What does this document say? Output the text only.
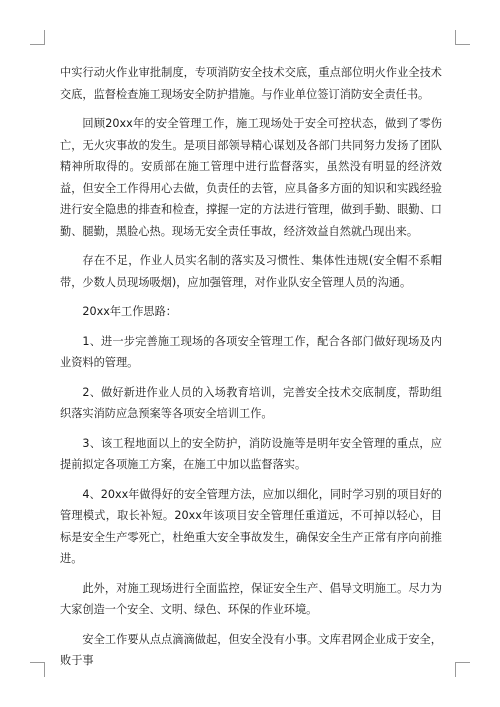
中实行动火作业审批制度，专项消防安全技术交底，重点部位明火作业全技术交底，监督检查施工现场安全防护措施。与作业单位签订消防安全责任书。

回顾20xx年的安全管理工作，施工现场处于安全可控状态，做到了零伤亡，无火灾事故的发生。是项目部领导精心谋划及各部门共同努力发扬了团队精神所取得的。安质部在施工管理中进行监督落实，虽然没有明显的经济效益，但安全工作得用心去做，负责任的去管，应具备多方面的知识和实践经验进行安全隐患的排查和检查，撑握一定的方法进行管理，做到手勤、眼勤、口勤、腿勤，黑脸心热。现场无安全责任事故，经济效益自然就凸现出来。

存在不足，作业人员实名制的落实及习惯性、集体性违规(安全帽不系帽带，少数人员现场吸烟)，应加强管理，对作业队安全管理人员的沟通。

20xx年工作思路：

1、进一步完善施工现场的各项安全管理工作，配合各部门做好现场及内业资料的管理。

2、做好新进作业人员的入场教育培训，完善安全技术交底制度，帮助组织落实消防应急预案等各项安全培训工作。

3、该工程地面以上的安全防护，消防设施等是明年安全管理的重点，应提前拟定各项施工方案，在施工中加以监督落实。

4、20xx年做得好的安全管理方法，应加以细化，同时学习别的项目好的管理模式，取长补短。20xx年该项目安全管理任重道远，不可掉以轻心，目标是安全生产零死亡，杜绝重大安全事故发生，确保安全生产正常有序向前推进。

此外，对施工现场进行全面监控，保证安全生产、倡导文明施工。尽力为大家创造一个安全、文明、绿色、环保的作业环境。

安全工作要从点点滴滴做起，但安全没有小事。文库君网企业成于安全，败于事
